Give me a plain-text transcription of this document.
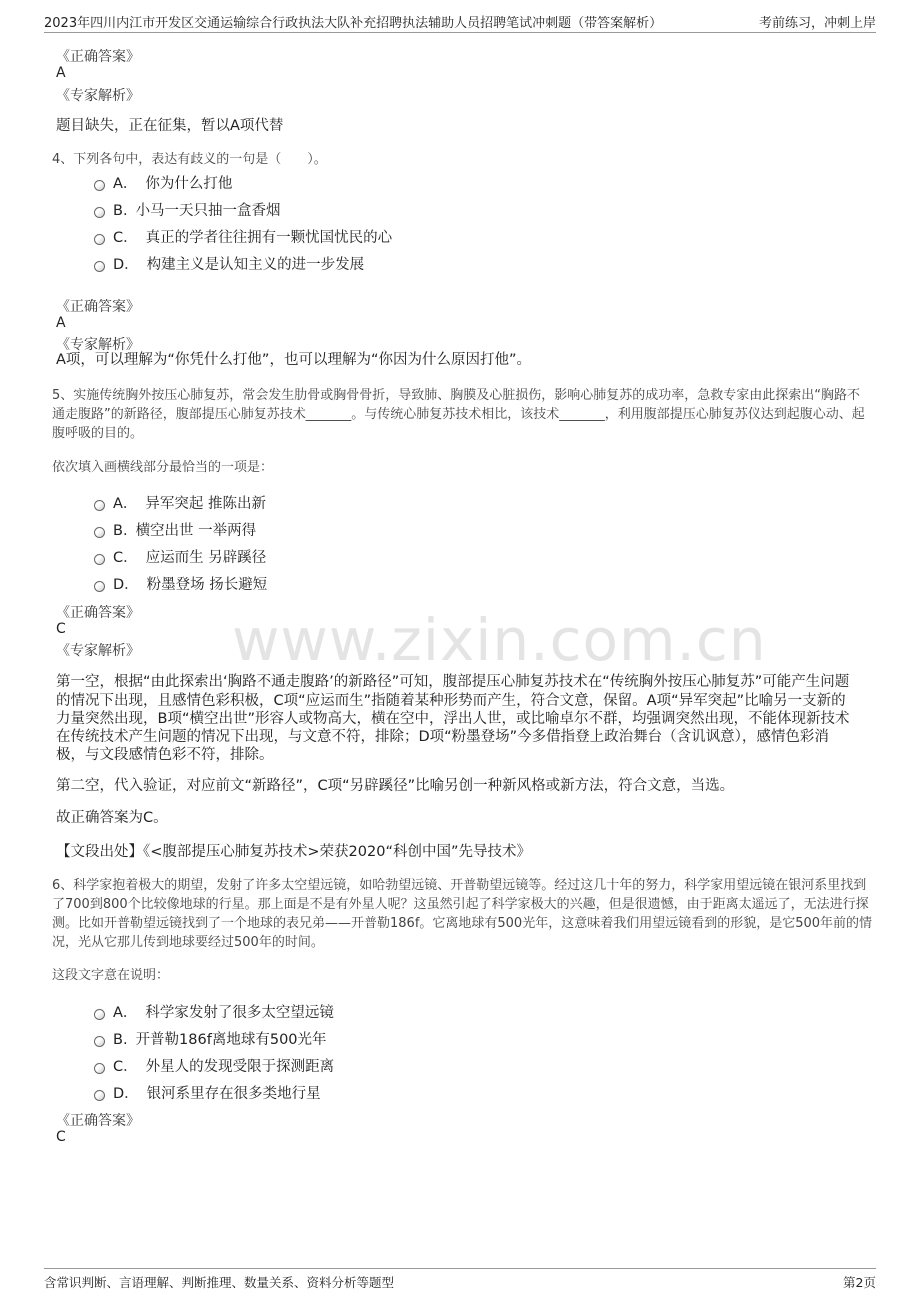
2023年四川内江市开发区交通运输综合行政执法大队补充招聘执法辅助人员招聘笔试冲刺题（带答案解析）	考前练习，冲刺上岸
www.zixin.com.cn
《正确答案》
A
《专家解析》
题目缺失，正在征集，暂以A项代替
4、下列各句中，表达有歧义的一句是（　　）。
A． 你为什么打他
B. 小马一天只抽一盒香烟
C． 真正的学者往往拥有一颗忧国忧民的心
D． 构建主义是认知主义的进一步发展
《正确答案》
A
《专家解析》
A项，可以理解为“你凭什么打他”，也可以理解为“你因为什么原因打他”。
5、实施传统胸外按压心肺复苏，常会发生肋骨或胸骨骨折，导致肺、胸膜及心脏损伤，影响心肺复苏的成功率，急救专家由此探索出“胸路不
通走腹路”的新路径，腹部提压心肺复苏技术_______。与传统心肺复苏技术相比，该技术_______，利用腹部提压心肺复苏仪达到起腹心动、起
腹呼吸的目的。
依次填入画横线部分最恰当的一项是：
A． 异军突起 推陈出新
B. 横空出世 一举两得
C． 应运而生 另辟蹊径
D． 粉墨登场 扬长避短
《正确答案》
C
《专家解析》
第一空，根据“由此探索出‘胸路不通走腹路’的新路径”可知，腹部提压心肺复苏技术在“传统胸外按压心肺复苏”可能产生问题
的情况下出现，且感情色彩积极，C项“应运而生”指随着某种形势而产生，符合文意，保留。A项“异军突起”比喻另一支新的
力量突然出现，B项“横空出世”形容人或物高大，横在空中，浮出人世，或比喻卓尔不群，均强调突然出现，不能体现新技术
在传统技术产生问题的情况下出现，与文意不符，排除；D项“粉墨登场”今多借指登上政治舞台（含讥讽意），感情色彩消
极，与文段感情色彩不符，排除。
第二空，代入验证，对应前文“新路径”，C项“另辟蹊径”比喻另创一种新风格或新方法，符合文意，当选。
故正确答案为C。
【文段出处】《<腹部提压心肺复苏技术>荣获2020“科创中国”先导技术》
6、科学家抱着极大的期望，发射了许多太空望远镜，如哈勃望远镜、开普勒望远镜等。经过这几十年的努力，科学家用望远镜在银河系里找到
了700到800个比较像地球的行星。那上面是不是有外星人呢？这虽然引起了科学家极大的兴趣，但是很遗憾，由于距离太遥远了，无法进行探
测。比如开普勒望远镜找到了一个地球的表兄弟——开普勒186f。它离地球有500光年，这意味着我们用望远镜看到的形貌，是它500年前的情
况，光从它那儿传到地球要经过500年的时间。
这段文字意在说明：
A． 科学家发射了很多太空望远镜
B. 开普勒186f离地球有500光年
C． 外星人的发现受限于探测距离
D． 银河系里存在很多类地行星
《正确答案》
C
含常识判断、言语理解、判断推理、数量关系、资料分析等题型	第2页
